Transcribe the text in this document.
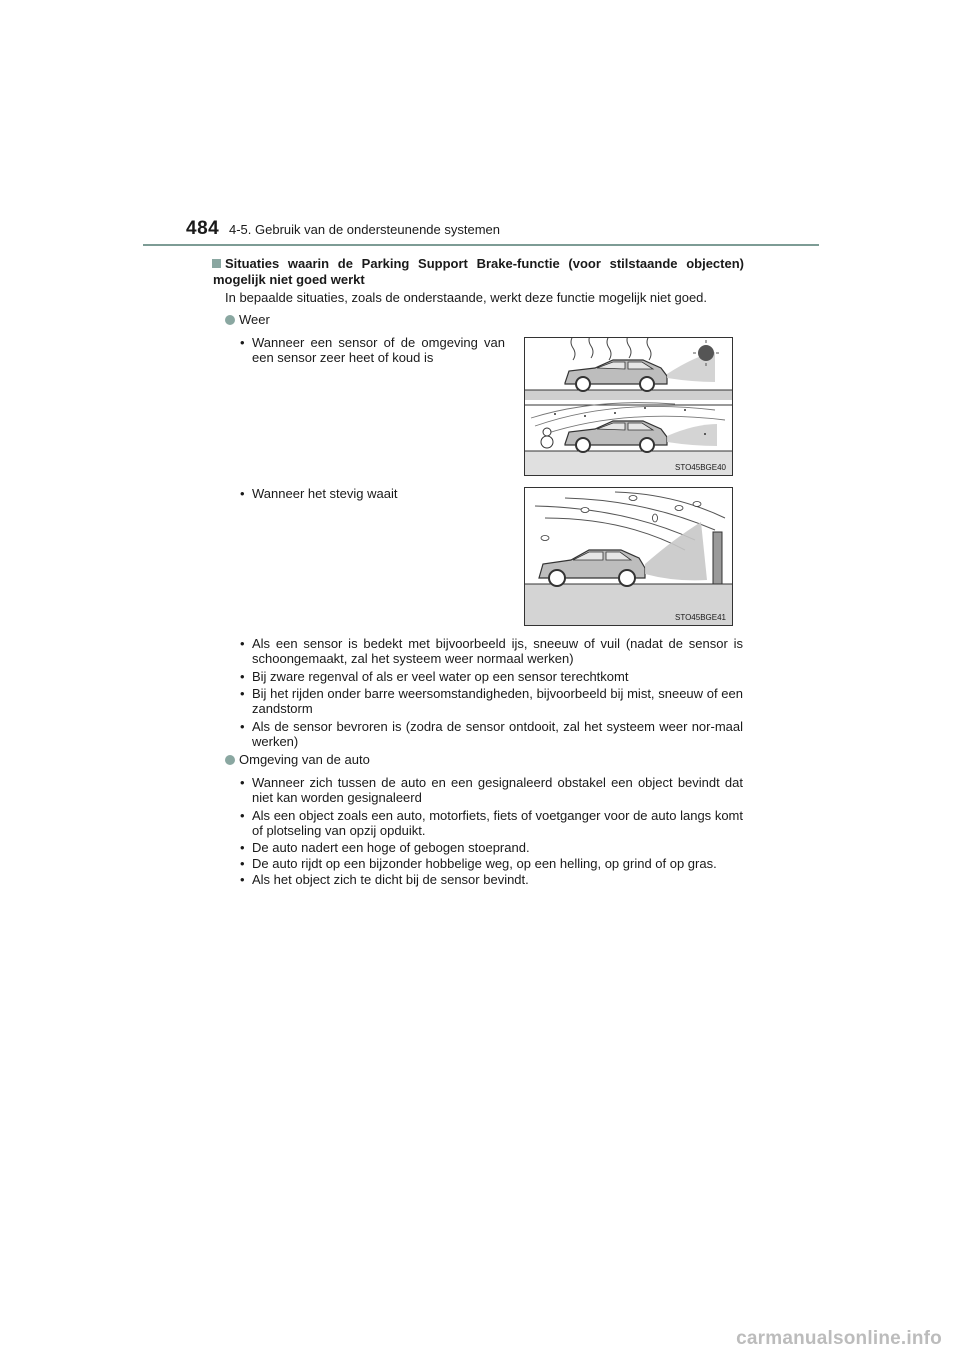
484 4-5. Gebruik van de ondersteunende systemen
Situaties waarin de Parking Support Brake-functie (voor stilstaande objecten) mogelijk niet goed werkt
In bepaalde situaties, zoals de onderstaande, werkt deze functie mogelijk niet goed.
Weer
• Wanneer een sensor of de omgeving van een sensor zeer heet of koud is
STO45BGE40
• Wanneer het stevig waait
STO45BGE41
• Als een sensor is bedekt met bijvoorbeeld ijs, sneeuw of vuil (nadat de sensor is schoongemaakt, zal het systeem weer normaal werken)
• Bij zware regenval of als er veel water op een sensor terechtkomt
• Bij het rijden onder barre weersomstandigheden, bijvoorbeeld bij mist, sneeuw of een zandstorm
• Als de sensor bevroren is (zodra de sensor ontdooit, zal het systeem weer nor-maal werken)
Omgeving van de auto
• Wanneer zich tussen de auto en een gesignaleerd obstakel een object bevindt dat niet kan worden gesignaleerd
• Als een object zoals een auto, motorfiets, fiets of voetganger voor de auto langs komt of plotseling van opzij opduikt.
• De auto nadert een hoge of gebogen stoeprand.
• De auto rijdt op een bijzonder hobbelige weg, op een helling, op grind of op gras.
• Als het object zich te dicht bij de sensor bevindt.
carmanualsonline.info
